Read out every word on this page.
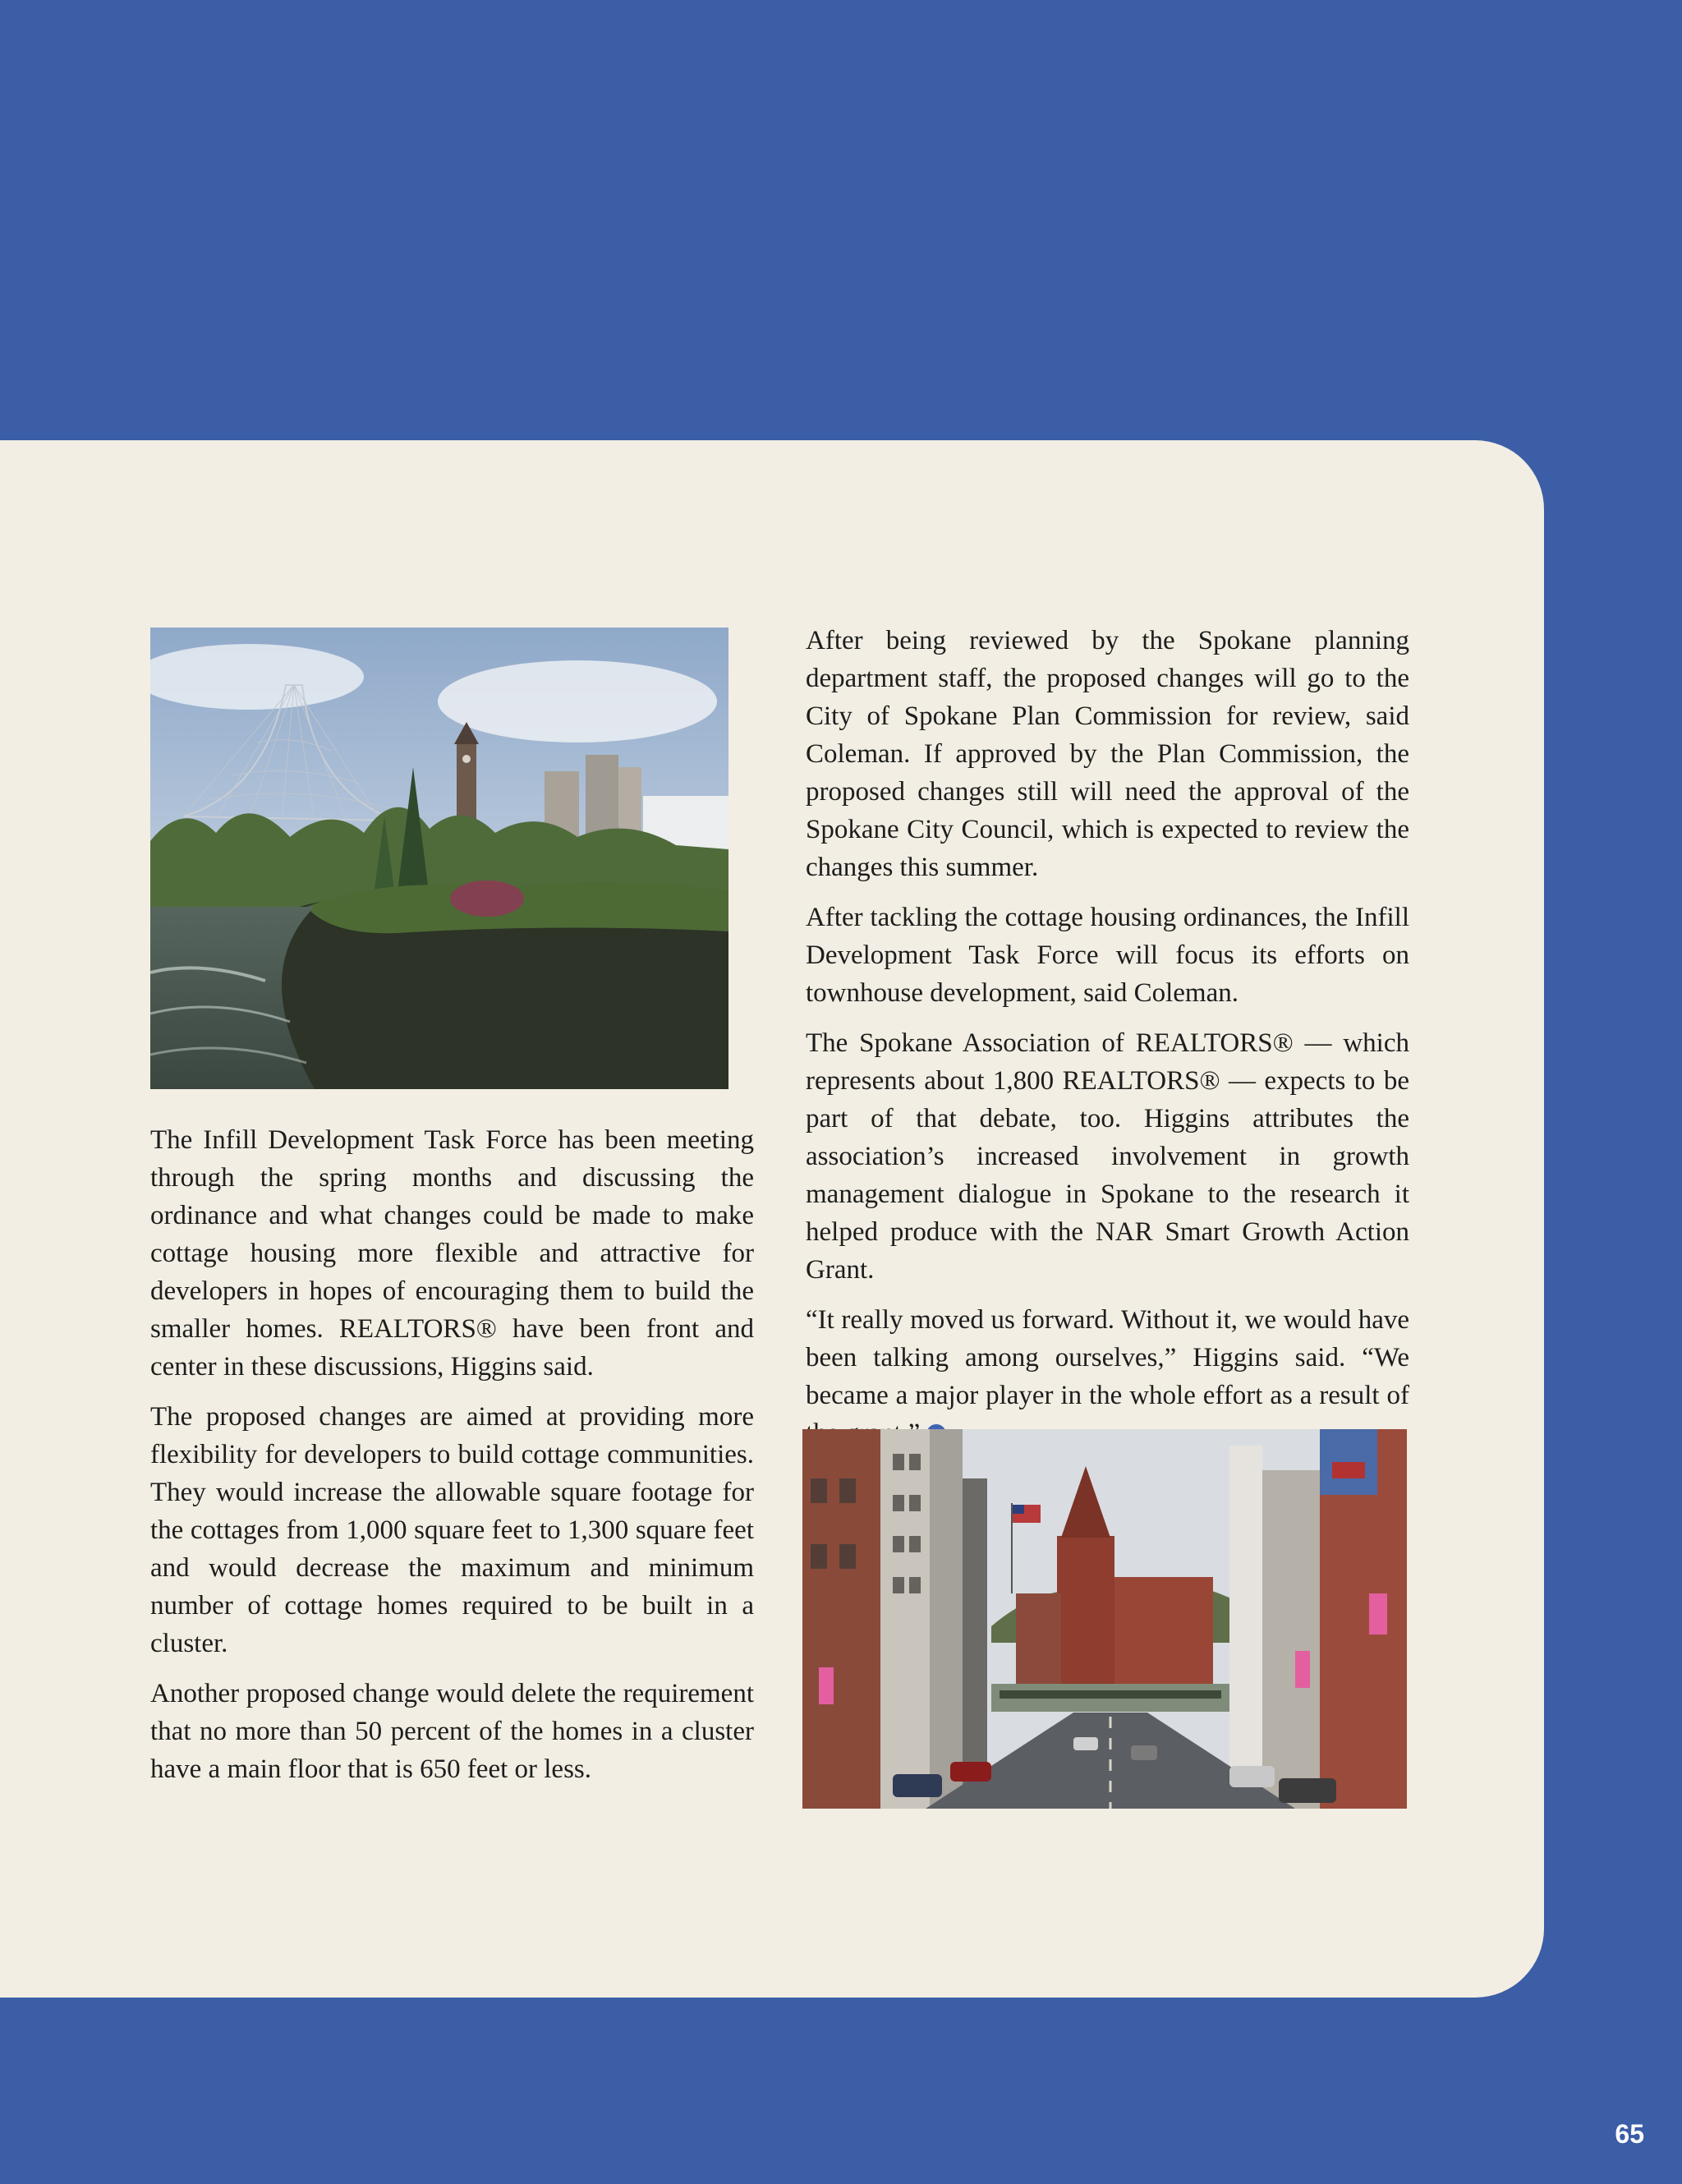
The Infill Development Task Force has been meeting through the spring months and discussing the ordinance and what changes could be made to make cottage housing more flexible and attractive for developers in hopes of encouraging them to build the smaller homes. REALTORS® have been front and center in these discussions, Higgins said.

The proposed changes are aimed at providing more flexibility for developers to build cottage communities. They would increase the allowable square footage for the cottages from 1,000 square feet to 1,300 square feet and would decrease the maximum and minimum number of cottage homes required to be built in a cluster.

Another proposed change would delete the requirement that no more than 50 percent of the homes in a cluster have a main floor that is 650 feet or less.

After being reviewed by the Spokane planning department staff, the proposed changes will go to the City of Spokane Plan Commission for review, said Coleman. If approved by the Plan Commission, the proposed changes still will need the approval of the Spokane City Council, which is expected to review the changes this summer.

After tackling the cottage housing ordinances, the Infill Development Task Force will focus its efforts on townhouse development, said Coleman.

The Spokane Association of REALTORS® — which represents about 1,800 REALTORS® — expects to be part of that debate, too. Higgins attributes the association’s increased involvement in growth management dialogue in Spokane to the research it helped produce with the NAR Smart Growth Action Grant.

“It really moved us forward. Without it, we would have been talking among ourselves,” Higgins said. “We became a major player in the whole effort as a result of

65
